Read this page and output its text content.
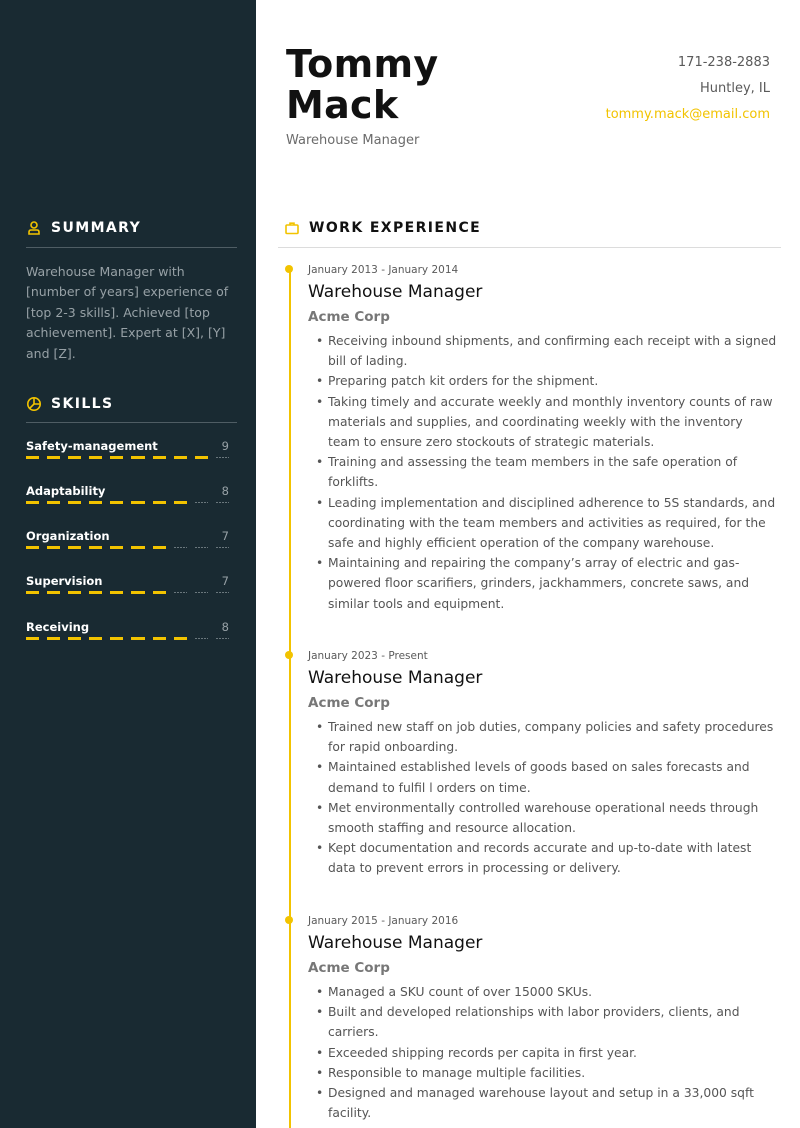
SUMMARY

Warehouse Manager with [number of years] experience of [top 2-3 skills]. Achieved [top achievement]. Expert at [X], [Y] and [Z].

SKILLS
Safety-management	9
Adaptability	8
Organization	7
Supervision	7
Receiving	8
Tommy
Mack
Warehouse Manager
171-238-2883
Huntley, IL
tommy.mack@email.com
WORK EXPERIENCE
January 2013 - January 2014
Warehouse Manager
Acme Corp
• Receiving inbound shipments, and confirming each receipt with a signed bill of lading.
• Preparing patch kit orders for the shipment.
• Taking timely and accurate weekly and monthly inventory counts of raw materials and supplies, and coordinating weekly with the inventory team to ensure zero stockouts of strategic materials.
• Training and assessing the team members in the safe operation of forklifts.
• Leading implementation and disciplined adherence to 5S standards, and coordinating with the team members and activities as required, for the safe and highly efficient operation of the company warehouse.
• Maintaining and repairing the company’s array of electric and gas-powered floor scarifiers, grinders, jackhammers, concrete saws, and similar tools and equipment.
January 2023 - Present
Warehouse Manager
Acme Corp
• Trained new staff on job duties, company policies and safety procedures for rapid onboarding.
• Maintained established levels of goods based on sales forecasts and demand to fulfil l orders on time.
• Met environmentally controlled warehouse operational needs through smooth staffing and resource allocation.
• Kept documentation and records accurate and up-to-date with latest data to prevent errors in processing or delivery.
January 2015 - January 2016
Warehouse Manager
Acme Corp
• Managed a SKU count of over 15000 SKUs.
• Built and developed relationships with labor providers, clients, and carriers.
• Exceeded shipping records per capita in first year.
• Responsible to manage multiple facilities.
• Designed and managed warehouse layout and setup in a 33,000 sqft facility.
